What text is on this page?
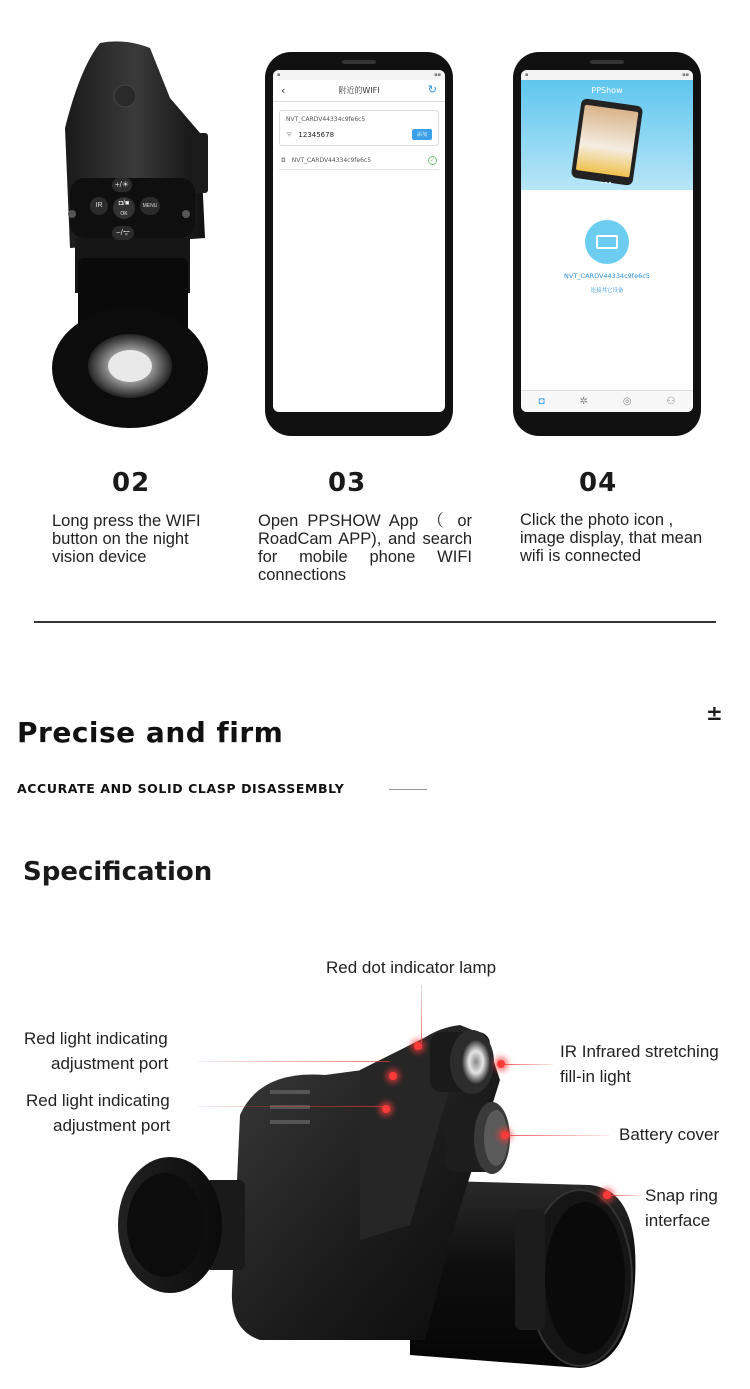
+/☀
IR	◘/■
OK
MENU
−/ᯤ
▪	▪▪
‹	附近的WIFI	↻
NVT_CARDV44334c9fe6c5
ᯤ 12345678	添加
◘ NVT_CARDV44334c9fe6c5	✓
▪	▪▪
PPShow
•••
NVT_CARDV44334c9fe6c5
连接其它设备
◘	✲	◎	⚇
02	03	04
Long press the WIFI button on the night vision device
Open PPSHOW App （ or RoadCam APP), and search for mobile phone WIFI connections
Click the photo icon , image display, that mean wifi is connected
±
Precise and firm
ACCURATE AND SOLID CLASP DISASSEMBLY
Specification
Red dot indicator lamp
Red light indicating
adjustment port
Red light indicating
adjustment port
IR Infrared stretching
fill-in light
Battery cover
Snap ring
interface
